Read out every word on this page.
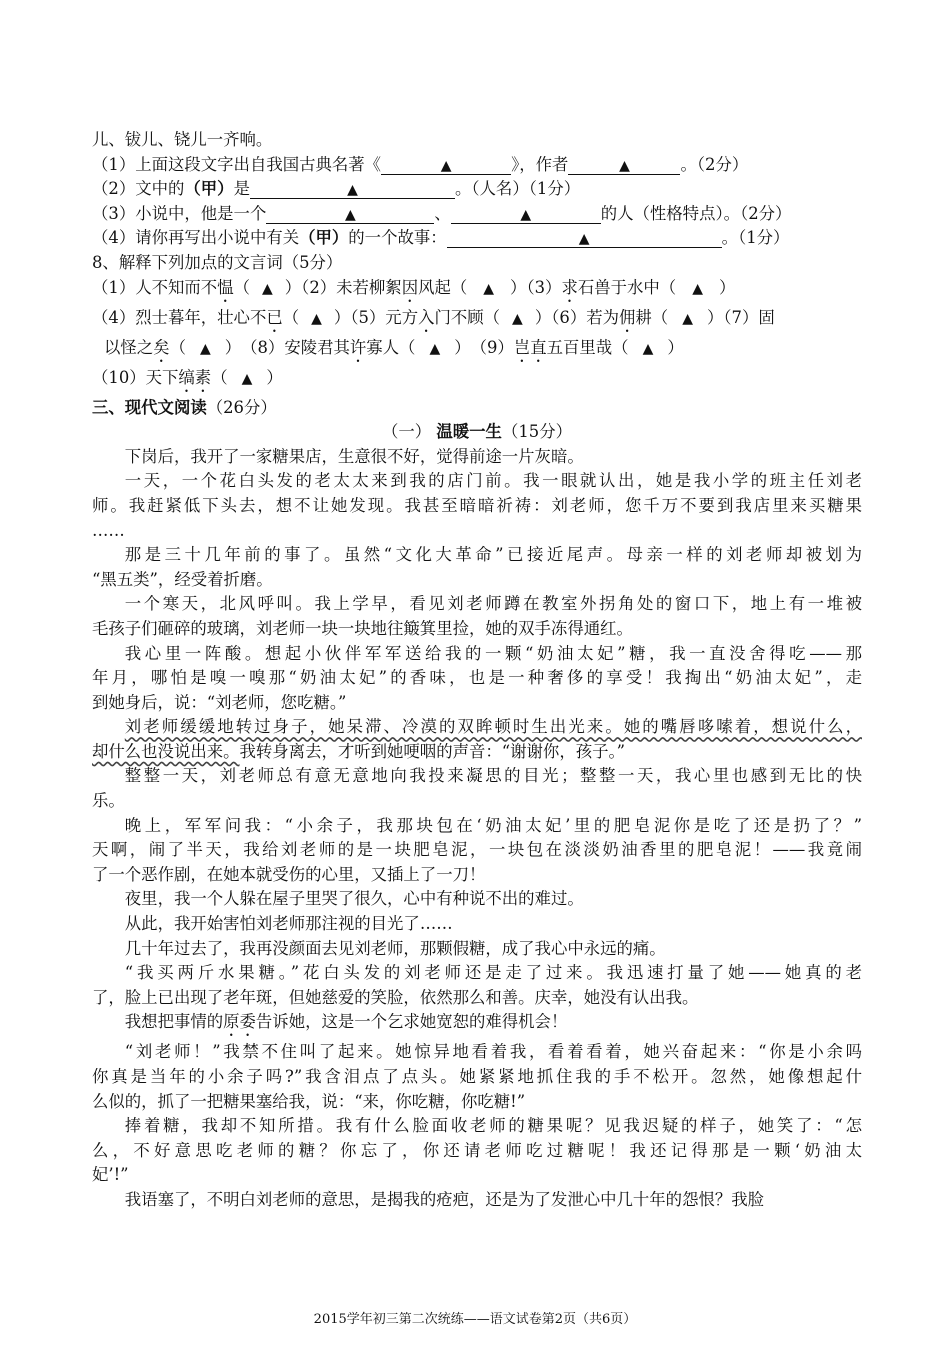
儿、钹儿、铙儿一齐响。
（1）上面这段文字出自我国古典名著《	▲	》，作者	▲	。（2分）
（2）文中的（甲）是	▲	。（人名）（1分）
（3）小说中，他是一个	▲	、	▲	的人（性格特点）。（2分）
（4）请你再写出小说中有关（甲）的一个故事：	▲	。（1分）
8、解释下列加点的文言词（5分）
（1）人不知而不愠（ ▲ ）（2）未若柳絮因风起（ ▲ ）（3）求石兽于水中（ ▲ ）
（4）烈士暮年，壮心不已（ ▲ ）（5）元方入门不顾（ ▲ ）（6）若为佣耕（ ▲ ）（7）固
以怪之矣（ ▲ ）　（8）安陵君其许寡人（ ▲ ）　（9）岂直五百里哉（ ▲ ）
（10）天下缟素（ ▲ ）
三、现代文阅读（26分）
（一） 温暖一生（15分）
下岗后，我开了一家糖果店，生意很不好，觉得前途一片灰暗。
一天，一个花白头发的老太太来到我的店门前。我一眼就认出，她是我小学的班主任刘老
师。我赶紧低下头去，想不让她发现。我甚至暗暗祈祷：刘老师，您千万不要到我店里来买糖果
……
那是三十几年前的事了。虽然“文化大革命”已接近尾声。母亲一样的刘老师却被划为
“黑五类”，经受着折磨。
一个寒天，北风呼叫。我上学早，看见刘老师蹲在教室外拐角处的窗口下，地上有一堆被
毛孩子们砸碎的玻璃，刘老师一块一块地往簸箕里捡，她的双手冻得通红。
我心里一阵酸。想起小伙伴军军送给我的一颗“奶油太妃”糖，我一直没舍得吃——那
年月，哪怕是嗅一嗅那“奶油太妃”的香味，也是一种奢侈的享受！我掏出“奶油太妃”，走
到她身后，说：“刘老师，您吃糖。”
刘老师缓缓地转过身子，她呆滞、冷漠的双眸顿时生出光来。她的嘴唇哆嗦着，想说什么，
却什么也没说出来。我转身离去，才听到她哽咽的声音：“谢谢你，孩子。”
整整一天，刘老师总有意无意地向我投来凝思的目光；整整一天，我心里也感到无比的快
乐。
晚上，军军问我：“小余子，我那块包在‘奶油太妃’里的肥皂泥你是吃了还是扔了？”
天啊，闹了半天，我给刘老师的是一块肥皂泥，一块包在淡淡奶油香里的肥皂泥！——我竟闹
了一个恶作剧，在她本就受伤的心里，又插上了一刀！
夜里，我一个人躲在屋子里哭了很久，心中有种说不出的难过。
从此，我开始害怕刘老师那注视的目光了……
几十年过去了，我再没颜面去见刘老师，那颗假糖，成了我心中永远的痛。
“我买两斤水果糖。”花白头发的刘老师还是走了过来。我迅速打量了她——她真的老
了，脸上已出现了老年斑，但她慈爱的笑脸，依然那么和善。庆幸，她没有认出我。
我想把事情的原委告诉她，这是一个乞求她宽恕的难得机会！
“刘老师！”我禁不住叫了起来。她惊异地看着我，看着看着，她兴奋起来：“你是小余吗
你真是当年的小余子吗?”我含泪点了点头。她紧紧地抓住我的手不松开。忽然，她像想起什
么似的，抓了一把糖果塞给我，说：“来，你吃糖，你吃糖!”
捧着糖，我却不知所措。我有什么脸面收老师的糖果呢？见我迟疑的样子，她笑了：“怎
么，不好意思吃老师的糖？你忘了，你还请老师吃过糖呢！我还记得那是一颗‘奶油太
妃’!”
我语塞了，不明白刘老师的意思，是揭我的疮疤，还是为了发泄心中几十年的怨恨？我脸
2015学年初三第二次统练——语文试卷第2页（共6页）
